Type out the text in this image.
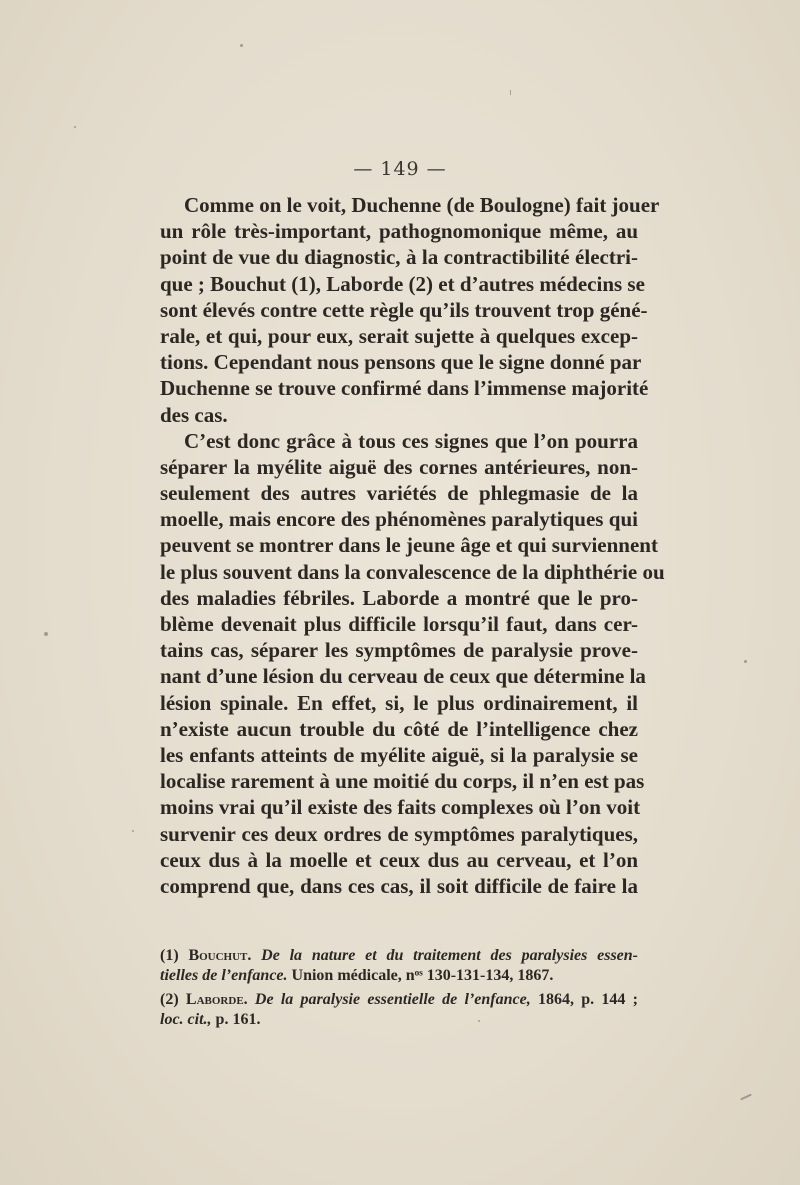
— 149 —
Comme on le voit, Duchenne (de Boulogne) fait jouer
un rôle très-important, pathognomonique même, au
point de vue du diagnostic, à la contractibilité électri-
que ; Bouchut (1), Laborde (2) et d’autres médecins se
sont élevés contre cette règle qu’ils trouvent trop géné-
rale, et qui, pour eux, serait sujette à quelques excep-
tions. Cependant nous pensons que le signe donné par
Duchenne se trouve confirmé dans l’immense majorité
des cas.
C’est donc grâce à tous ces signes que l’on pourra
séparer la myélite aiguë des cornes antérieures, non-
seulement des autres variétés de phlegmasie de la
moelle, mais encore des phénomènes paralytiques qui
peuvent se montrer dans le jeune âge et qui surviennent
le plus souvent dans la convalescence de la diphthérie ou
des maladies fébriles. Laborde a montré que le pro-
blème devenait plus difficile lorsqu’il faut, dans cer-
tains cas, séparer les symptômes de paralysie prove-
nant d’une lésion du cerveau de ceux que détermine la
lésion spinale. En effet, si, le plus ordinairement, il
n’existe aucun trouble du côté de l’intelligence chez
les enfants atteints de myélite aiguë, si la paralysie se
localise rarement à une moitié du corps, il n’en est pas
moins vrai qu’il existe des faits complexes où l’on voit
survenir ces deux ordres de symptômes paralytiques,
ceux dus à la moelle et ceux dus au cerveau, et l’on
comprend que, dans ces cas, il soit difficile de faire la
(1) Bouchut. De la nature et du traitement des paralysies essen-
tielles de l’enfance. Union médicale, nᵒˢ 130-131-134, 1867.
(2) Laborde. De la paralysie essentielle de l’enfance, 1864, p. 144 ;
loc. cit., p. 161.
